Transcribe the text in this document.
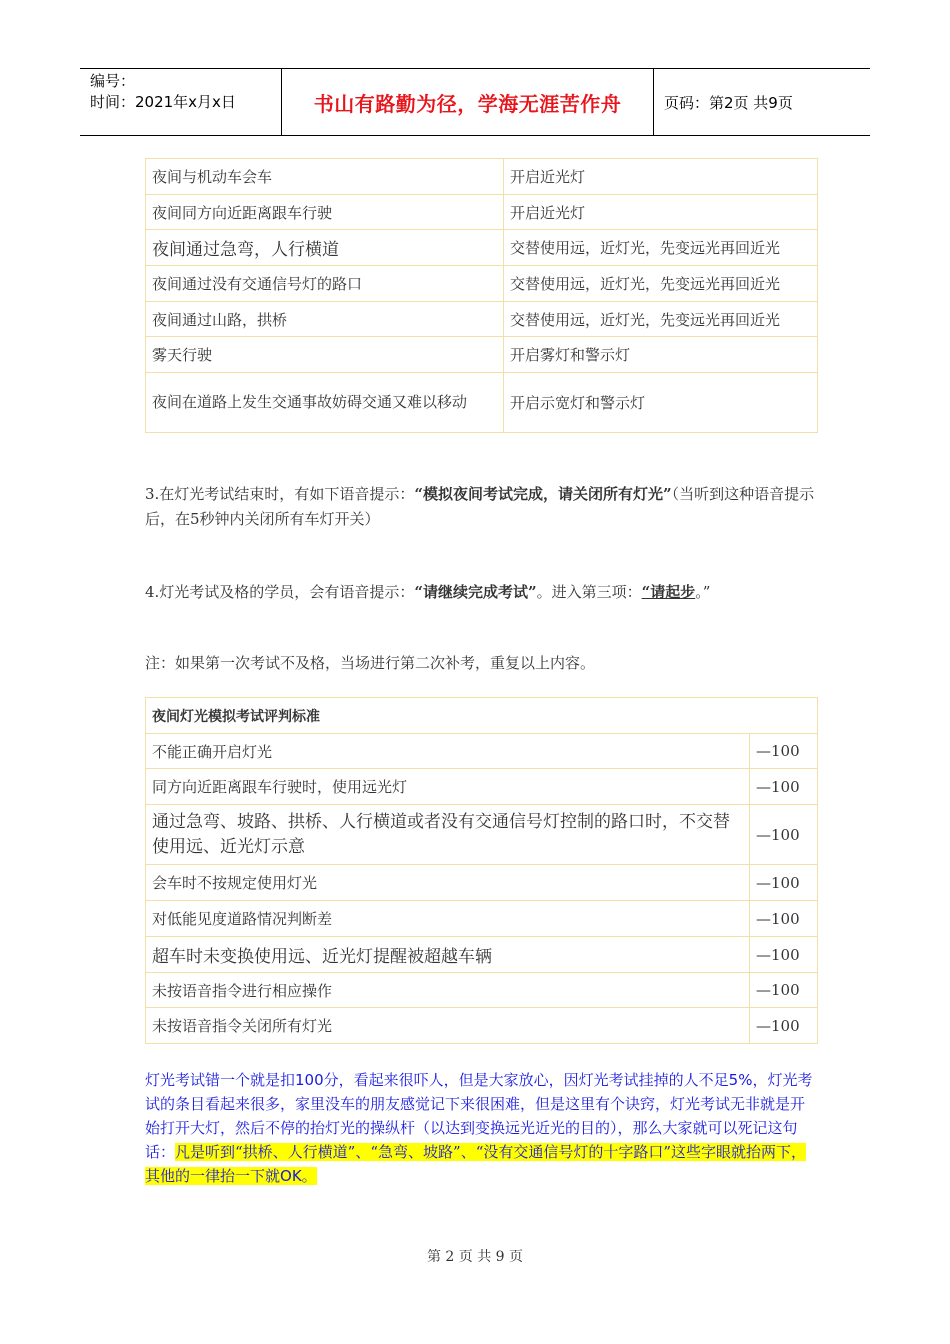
编号：
时间：2021年x月x日	书山有路勤为径，学海无涯苦作舟	页码：第2页 共9页
夜间与机动车会车	开启近光灯
夜间同方向近距离跟车行驶	开启近光灯
夜间通过急弯，人行横道	交替使用远，近灯光，先变远光再回近光
夜间通过没有交通信号灯的路口	交替使用远，近灯光，先变远光再回近光
夜间通过山路，拱桥	交替使用远，近灯光，先变远光再回近光
雾天行驶	开启雾灯和警示灯
夜间在道路上发生交通事故妨碍交通又难以移动	开启示宽灯和警示灯
3.在灯光考试结束时，有如下语音提示：“模拟夜间考试完成，请关闭所有灯光”（当听到这种语音提示后，在5秒钟内关闭所有车灯开关）
4.灯光考试及格的学员，会有语音提示：“请继续完成考试”。进入第三项：“请起步。”
注：如果第一次考试不及格，当场进行第二次补考，重复以上内容。
夜间灯光模拟考试评判标准	
不能正确开启灯光	—100
同方向近距离跟车行驶时，使用远光灯	—100
通过急弯、坡路、拱桥、人行横道或者没有交通信号灯控制的路口时，不交替使用远、近光灯示意	—100
会车时不按规定使用灯光	—100
对低能见度道路情况判断差	—100
超车时未变换使用远、近光灯提醒被超越车辆	—100
未按语音指令进行相应操作	—100
未按语音指令关闭所有灯光	—100
灯光考试错一个就是扣100分，看起来很吓人，但是大家放心，因灯光考试挂掉的人不足5%，灯光考试的条目看起来很多，家里没车的朋友感觉记下来很困难，但是这里有个诀窍，灯光考试无非就是开始打开大灯，然后不停的抬灯光的操纵杆（以达到变换远光近光的目的），那么大家就可以死记这句话：凡是听到“拱桥、人行横道”、“急弯、坡路”、“没有交通信号灯的十字路口”这些字眼就抬两下，其他的一律抬一下就OK。
第 2 页 共 9 页
